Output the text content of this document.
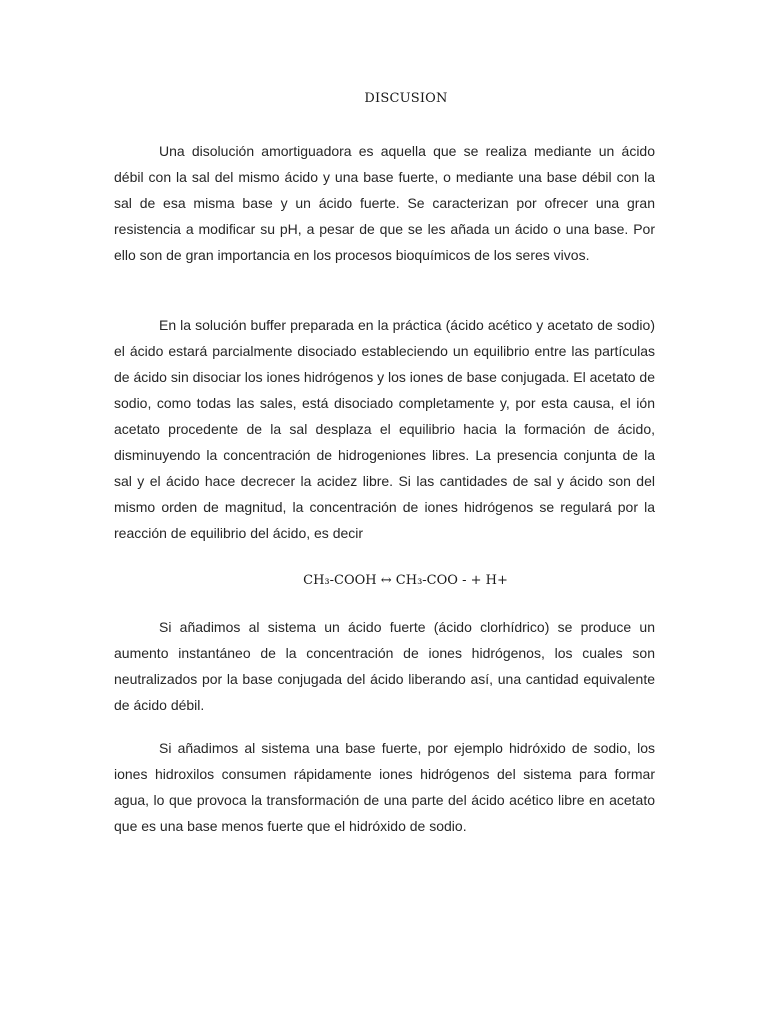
DISCUSION

Una disolución amortiguadora es aquella que se realiza mediante un ácido débil con la sal del mismo ácido y una base fuerte, o mediante una base débil con la sal de esa misma base y un ácido fuerte. Se caracterizan por ofrecer una gran resistencia a modificar su pH, a pesar de que se les añada un ácido o una base. Por ello son de gran importancia en los procesos bioquímicos de los seres vivos.

En la solución buffer preparada en la práctica (ácido acético y acetato de sodio) el ácido estará parcialmente disociado estableciendo un equilibrio entre las partículas de ácido sin disociar los iones hidrógenos y los iones de base conjugada. El acetato de sodio, como todas las sales, está disociado completamente y, por esta causa, el ión acetato procedente de la sal desplaza el equilibrio hacia la formación de ácido, disminuyendo la concentración de hidrogeniones libres. La presencia conjunta de la sal y el ácido hace decrecer la acidez libre. Si las cantidades de sal y ácido son del mismo orden de magnitud, la concentración de iones hidrógenos se regulará por la reacción de equilibrio del ácido, es decir

CH₃-COOH ↔ CH₃-COO - + H+

Si añadimos al sistema un ácido fuerte (ácido clorhídrico) se produce un aumento instantáneo de la concentración de iones hidrógenos, los cuales son neutralizados por la base conjugada del ácido liberando así, una cantidad equivalente de ácido débil.

Si añadimos al sistema una base fuerte, por ejemplo hidróxido de sodio, los iones hidroxilos consumen rápidamente iones hidrógenos del sistema para formar agua, lo que provoca la transformación de una parte del ácido acético libre en acetato que es una base menos fuerte que el hidróxido de sodio.
